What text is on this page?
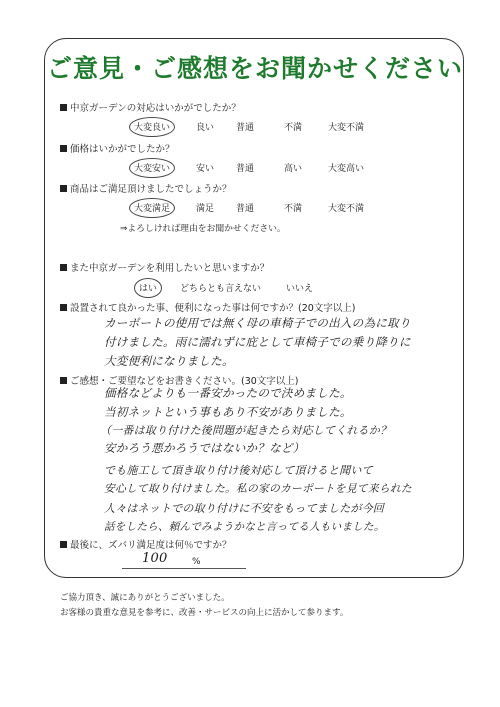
ご意見・ご感想をお聞かせください
中京ガーデンの対応はいかがでしたか？
大変良い	良い 普通	不満	大変不満
価格はいかがでしたか？
大変安い	安い 普通	高い	大変高い
商品はご満足頂けましたでしょうか？
大変満足	満足 普通	不満	大変不満
⇒よろしければ理由をお聞かせください。
また中京ガーデンを利用したいと思いますか？
はい	どちらとも言えない	いいえ
設置されて良かった事、便利になった事は何ですか？(20文字以上)
カーポートの使用では無く母の車椅子での出入の為に取り
付けました。雨に濡れずに庇として車椅子での乗り降りに
大変便利になりました。
ご感想・ご要望などをお書きください。(30文字以上)
価格などよりも一番安かったので決めました。
当初ネットという事もあり不安がありました。
（一番は取り付けた後問題が起きたら対応してくれるか？
安かろう悪かろうではないか？など）
でも施工して頂き取り付け後対応して頂けると聞いて
安心して取り付けました。私の家のカーポートを見て来られた
人々はネットでの取り付けに不安をもってましたが今回
話をしたら、頼んでみようかなと言ってる人もいました。
最後に、ズバリ満足度は何％ですか？
100	%
ご協力頂き、誠にありがとうございました。
お客様の貴重な意見を参考に、改善・サービスの向上に活かして参ります。
